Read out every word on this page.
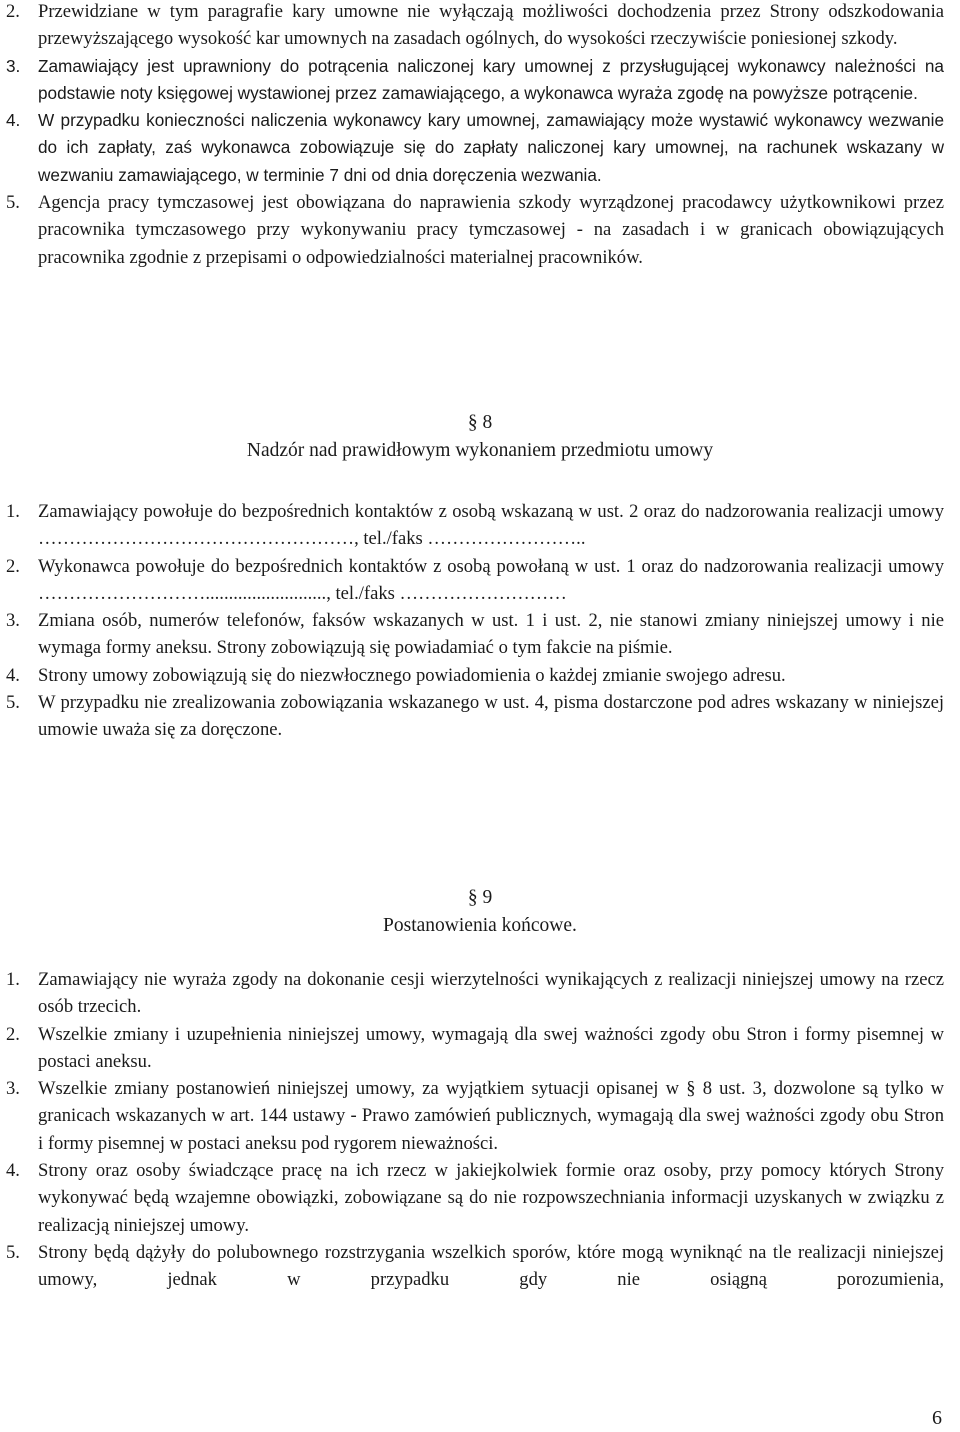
2. Przewidziane w tym paragrafie kary umowne nie wyłączają możliwości dochodzenia przez Strony odszkodowania przewyższającego wysokość kar umownych na zasadach ogólnych, do wysokości rzeczywiście poniesionej szkody.
3. Zamawiający jest uprawniony do potrącenia naliczonej kary umownej z przysługującej wykonawcy należności na podstawie noty księgowej wystawionej przez zamawiającego, a wykonawca wyraża zgodę na powyższe potrącenie.
4. W przypadku konieczności naliczenia wykonawcy kary umownej, zamawiający może wystawić wykonawcy wezwanie do ich zapłaty, zaś wykonawca zobowiązuje się do zapłaty naliczonej kary umownej, na rachunek wskazany w wezwaniu zamawiającego, w terminie 7 dni od dnia doręczenia wezwania.
5. Agencja pracy tymczasowej jest obowiązana do naprawienia szkody wyrządzonej pracodawcy użytkownikowi przez pracownika tymczasowego przy wykonywaniu pracy tymczasowej - na zasadach i w granicach obowiązujących pracownika zgodnie z przepisami o odpowiedzialności materialnej pracowników.
§ 8
Nadzór nad prawidłowym wykonaniem przedmiotu umowy
1. Zamawiający powołuje do bezpośrednich kontaktów z osobą wskazaną w ust. 2 oraz do nadzorowania realizacji umowy ……………………………………………, tel./faks ……………………..
2. Wykonawca powołuje do bezpośrednich kontaktów z osobą powołaną w ust. 1 oraz do nadzorowania realizacji umowy ……………………….........................., tel./faks ………………………
3. Zmiana osób, numerów telefonów, faksów wskazanych w ust. 1 i ust. 2, nie stanowi zmiany niniejszej umowy i nie wymaga formy aneksu. Strony zobowiązują się powiadamiać o tym fakcie na piśmie.
4. Strony umowy zobowiązują się do niezwłocznego powiadomienia o każdej zmianie swojego adresu.
5. W przypadku nie zrealizowania zobowiązania wskazanego w ust. 4, pisma dostarczone pod adres wskazany w niniejszej umowie uważa się za doręczone.
§ 9
Postanowienia końcowe.
1. Zamawiający nie wyraża zgody na dokonanie cesji wierzytelności wynikających z realizacji niniejszej umowy na rzecz osób trzecich.
2. Wszelkie zmiany i uzupełnienia niniejszej umowy, wymagają dla swej ważności zgody obu Stron i formy pisemnej w postaci aneksu.
3. Wszelkie zmiany postanowień niniejszej umowy, za wyjątkiem sytuacji opisanej w § 8 ust. 3, dozwolone są tylko w granicach wskazanych w art. 144 ustawy - Prawo zamówień publicznych, wymagają dla swej ważności zgody obu Stron i formy pisemnej w postaci aneksu pod rygorem nieważności.
4. Strony oraz osoby świadczące pracę na ich rzecz w jakiejkolwiek formie oraz osoby, przy pomocy których Strony wykonywać będą wzajemne obowiązki, zobowiązane są do nie rozpowszechniania informacji uzyskanych w związku z realizacją niniejszej umowy.
5. Strony będą dążyły do polubownego rozstrzygania wszelkich sporów, które mogą wyniknąć na tle realizacji niniejszej umowy, jednak w przypadku gdy nie osiągną porozumienia,
6
